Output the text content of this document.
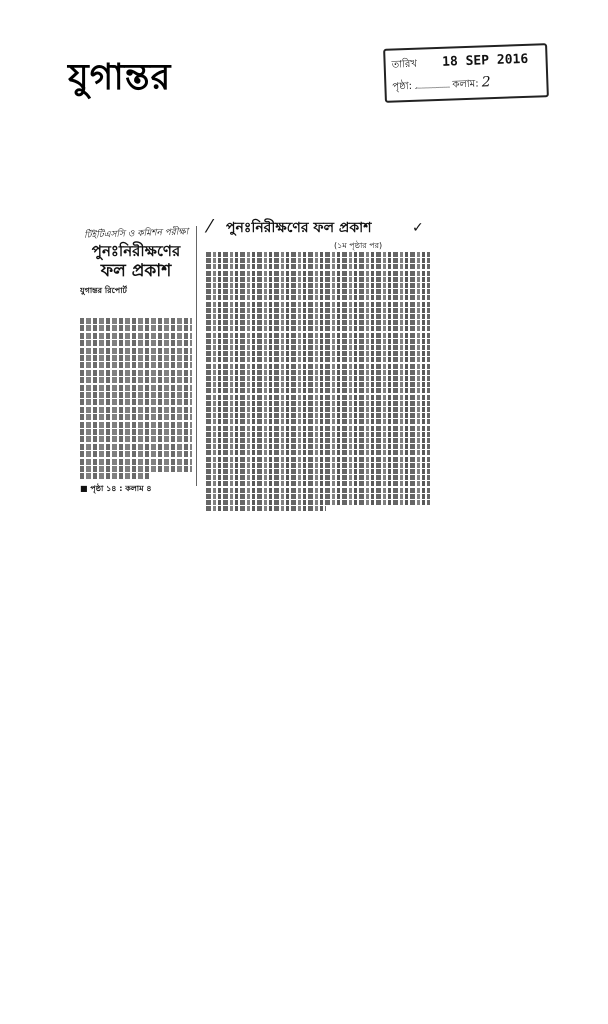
যুগান্তর	তারিখ 18 SEP 2016
পৃষ্ঠা:	কলাম: 2
টিইটিএসসি ও কমিশন পরীক্ষা
পুনঃনিরীক্ষণের
ফল প্রকাশ
যুগান্তর রিপোর্ট
■ পৃষ্ঠা ১৪ : কলাম ৪
⁄ পুনঃনিরীক্ষণের ফল প্রকাশ	✓
(১ম পৃষ্ঠার পর)
